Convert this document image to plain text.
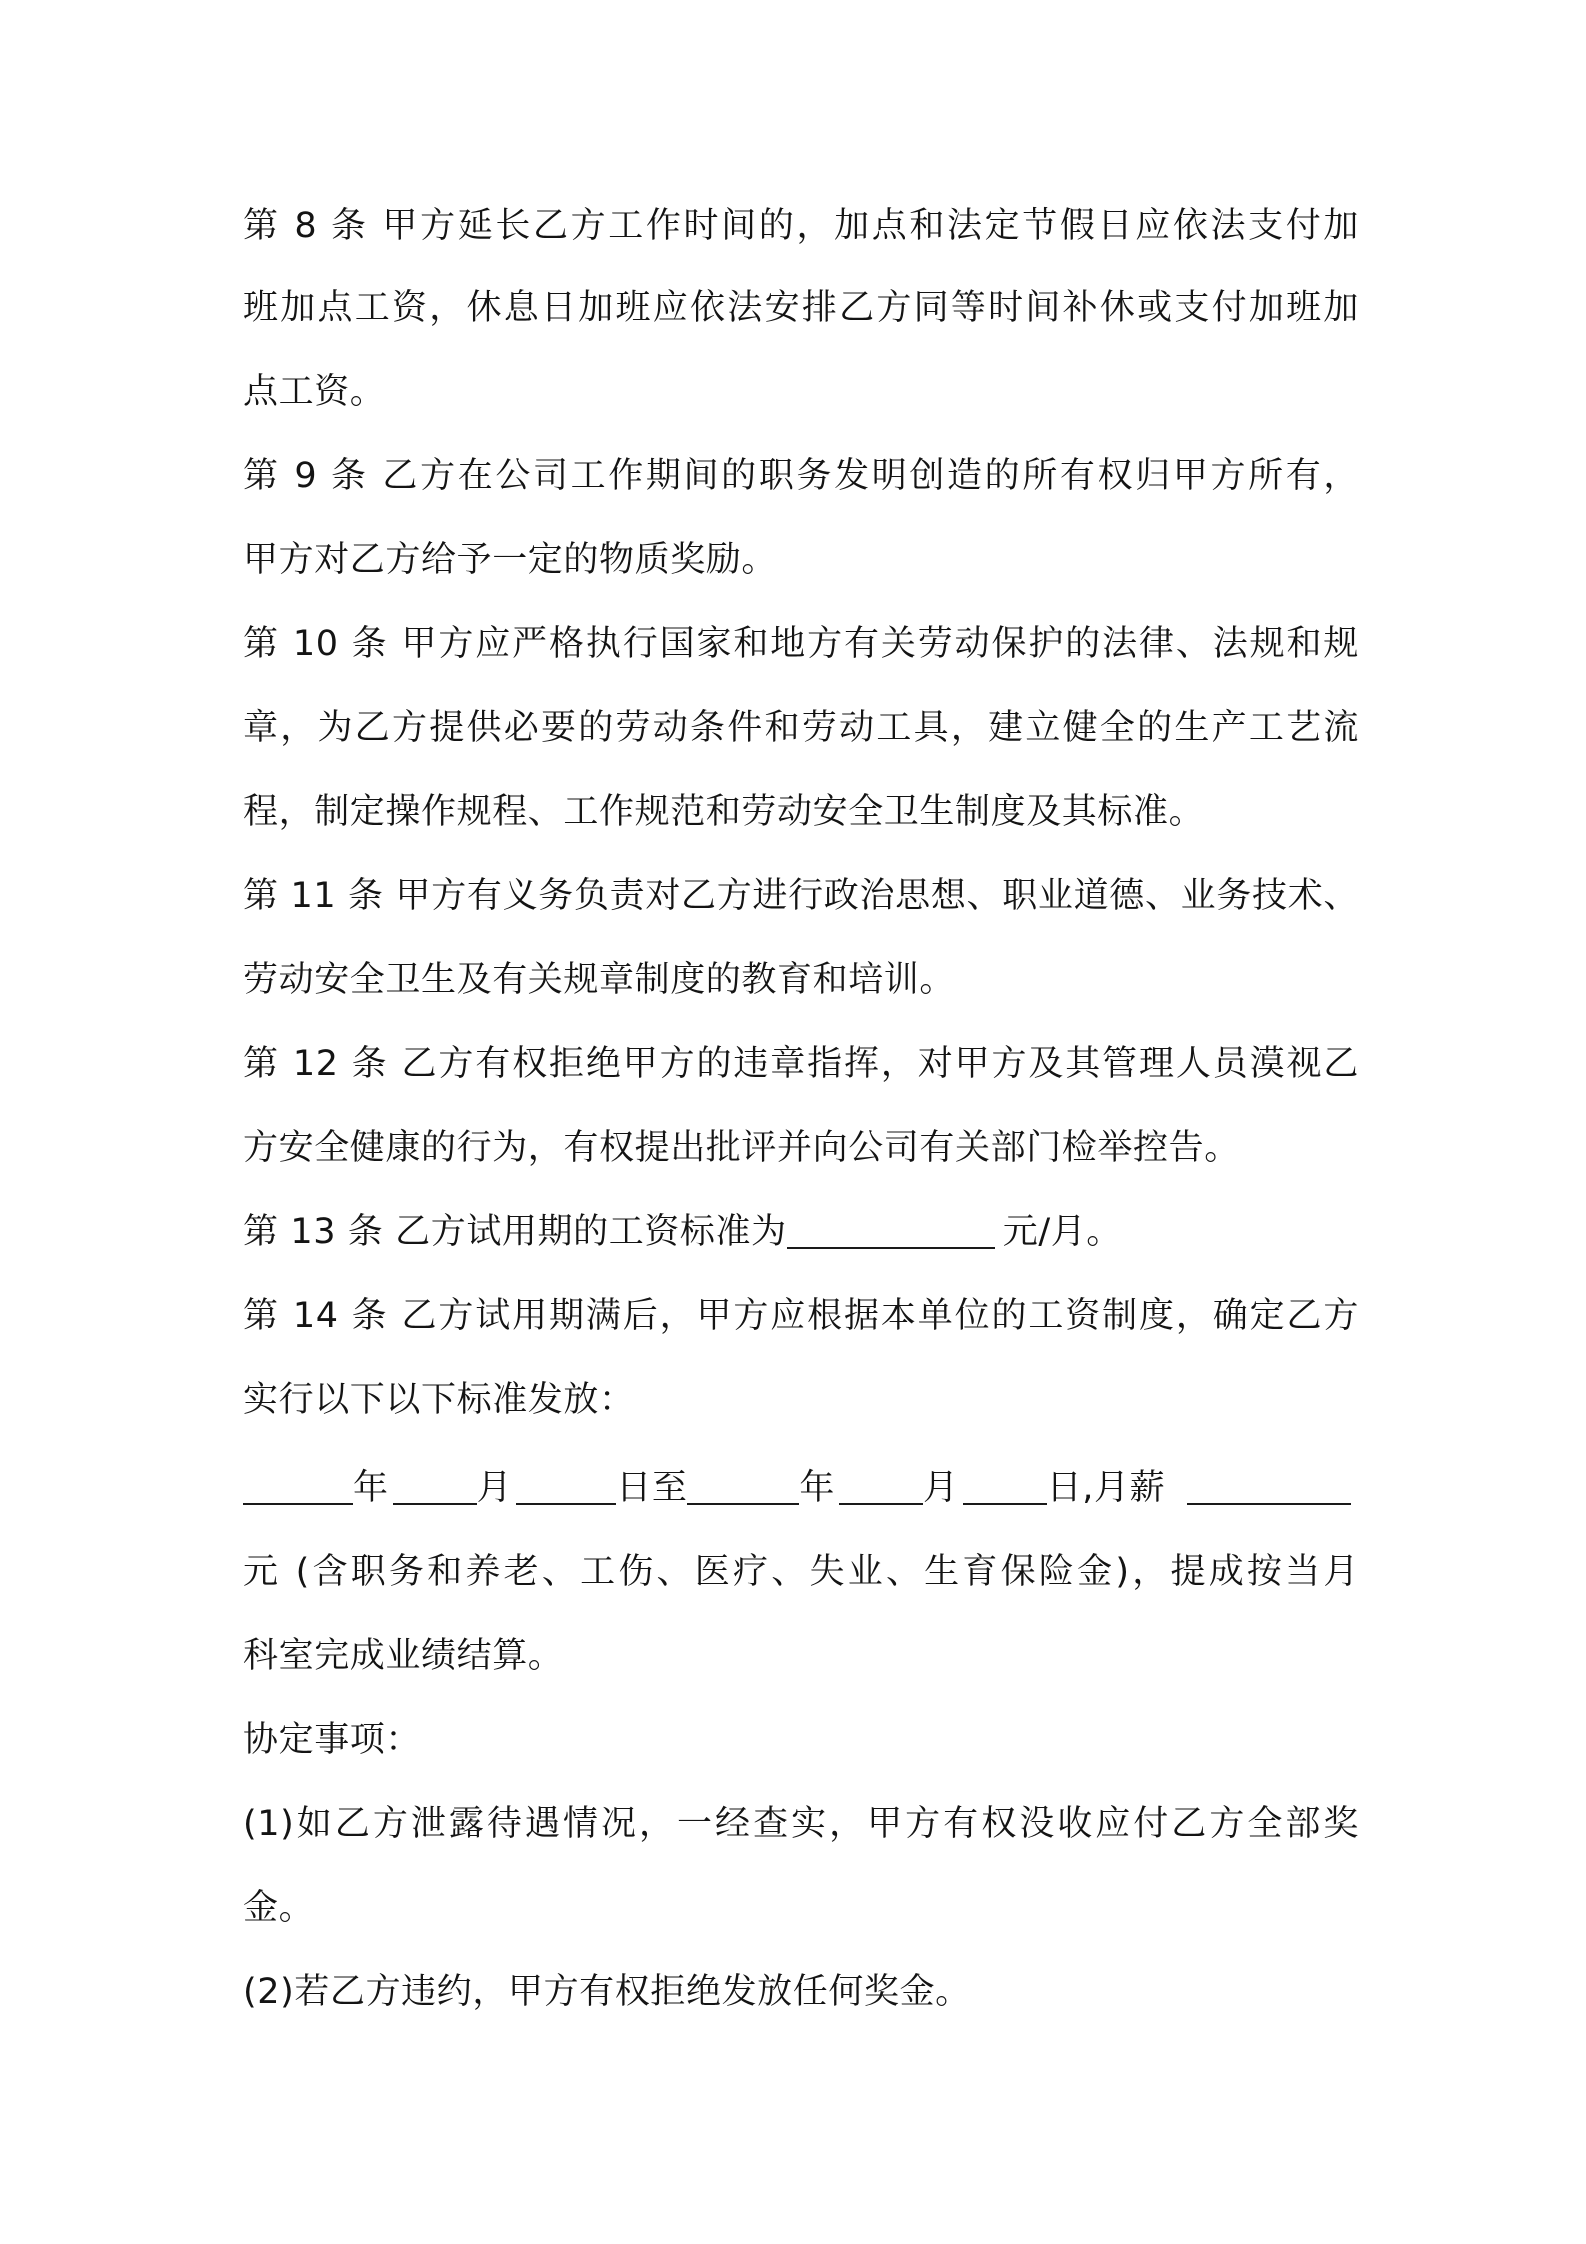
第 8 条 甲方延长乙方工作时间的，加点和法定节假日应依法支付加
班加点工资，休息日加班应依法安排乙方同等时间补休或支付加班加
点工资。
第 9 条 乙方在公司工作期间的职务发明创造的所有权归甲方所有，
甲方对乙方给予一定的物质奖励。
第 10 条 甲方应严格执行国家和地方有关劳动保护的法律、法规和规
章，为乙方提供必要的劳动条件和劳动工具，建立健全的生产工艺流
程，制定操作规程、工作规范和劳动安全卫生制度及其标准。
第 11 条 甲方有义务负责对乙方进行政治思想、职业道德、业务技术、
劳动安全卫生及有关规章制度的教育和培训。
第 12 条 乙方有权拒绝甲方的违章指挥，对甲方及其管理人员漠视乙
方安全健康的行为，有权提出批评并向公司有关部门检举控告。
第 13 条 乙方试用期的工资标准为	元/月。
第 14 条 乙方试用期满后，甲方应根据本单位的工资制度，确定乙方
实行以下以下标准发放：
年	月	日至	年	月	日,月薪
元 (含职务和养老、工伤、医疗、失业、生育保险金)，提成按当月
科室完成业绩结算。
协定事项：
(1)如乙方泄露待遇情况，一经查实，甲方有权没收应付乙方全部奖
金。
(2)若乙方违约，甲方有权拒绝发放任何奖金。
